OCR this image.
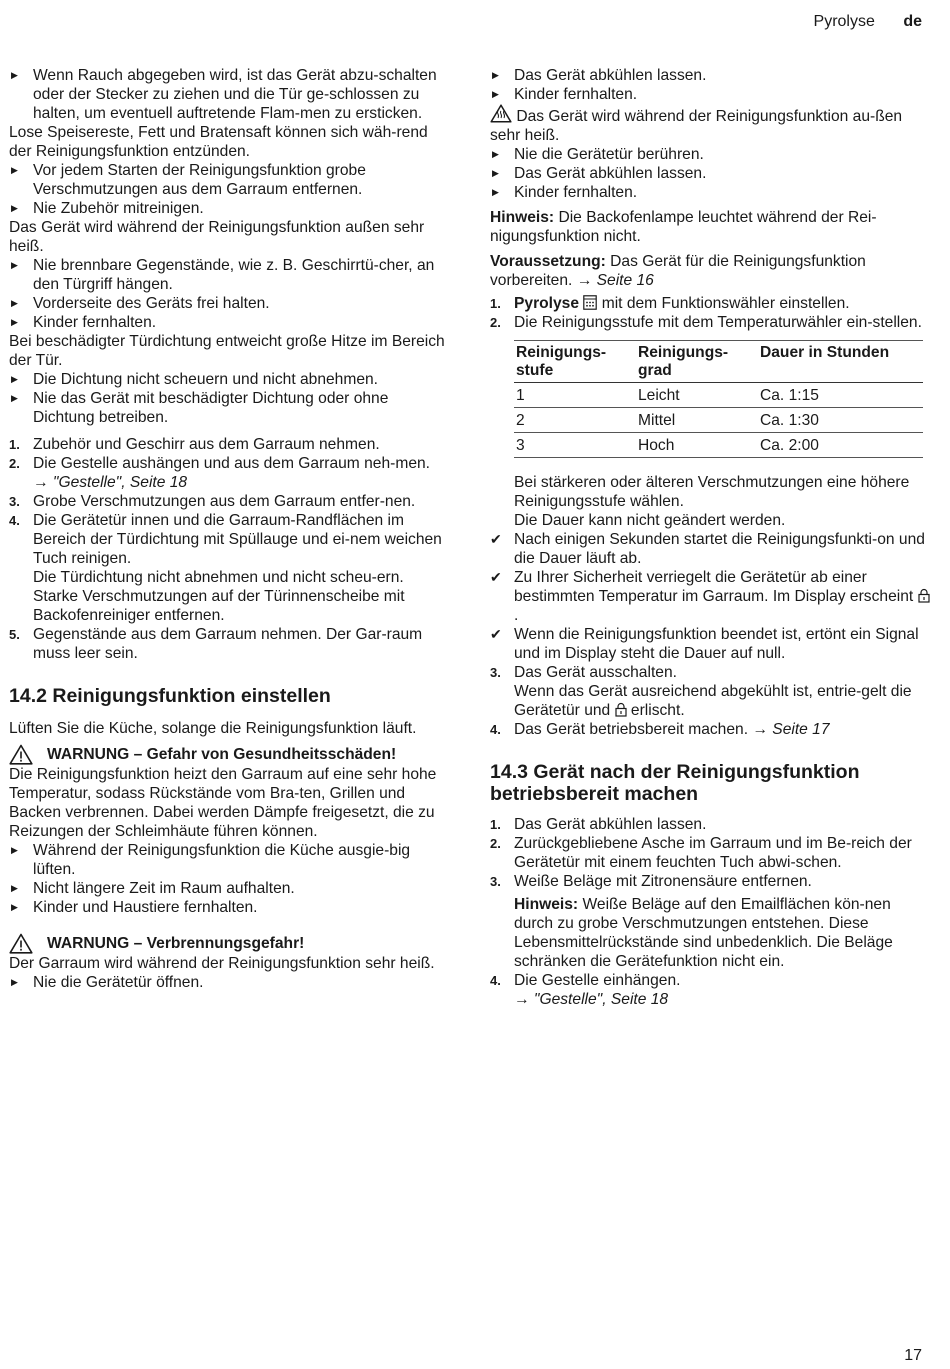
Pyrolyse de
▶ Wenn Rauch abgegeben wird, ist das Gerät abzu-schalten oder der Stecker zu ziehen und die Tür ge-schlossen zu halten, um eventuell auftretende Flam-men zu ersticken.

Lose Speisereste, Fett und Bratensaft können sich wäh-rend der Reinigungsfunktion entzünden.

▶ Vor jedem Starten der Reinigungsfunktion grobe Verschmutzungen aus dem Garraum entfernen.
▶ Nie Zubehör mitreinigen.

Das Gerät wird während der Reinigungsfunktion außen sehr heiß.

▶ Nie brennbare Gegenstände, wie z. B. Geschirrtü-cher, an den Türgriff hängen.
▶ Vorderseite des Geräts frei halten.
▶ Kinder fernhalten.

Bei beschädigter Türdichtung entweicht große Hitze im Bereich der Tür.

▶ Die Dichtung nicht scheuern und nicht abnehmen.
▶ Nie das Gerät mit beschädigter Dichtung oder ohne Dichtung betreiben.
1. Zubehör und Geschirr aus dem Garraum nehmen.
2. Die Gestelle aushängen und aus dem Garraum neh-men.
→ "Gestelle", Seite 18
3. Grobe Verschmutzungen aus dem Garraum entfer-nen.
4. Die Gerätetür innen und die Garraum-Randflächen im Bereich der Türdichtung mit Spüllauge und ei-nem weichen Tuch reinigen.
Die Türdichtung nicht abnehmen und nicht scheu-ern.
Starke Verschmutzungen auf der Türinnenscheibe mit Backofenreiniger entfernen.
5. Gegenstände aus dem Garraum nehmen. Der Gar-raum muss leer sein.

14.2 Reinigungsfunktion einstellen

Lüften Sie die Küche, solange die Reinigungsfunktion läuft.

WARNUNG – Gefahr von Gesundheitsschäden!

Die Reinigungsfunktion heizt den Garraum auf eine sehr hohe Temperatur, sodass Rückstände vom Bra-ten, Grillen und Backen verbrennen. Dabei werden Dämpfe freigesetzt, die zu Reizungen der Schleimhäute führen können.

▶ Während der Reinigungsfunktion die Küche ausgie-big lüften.
▶ Nicht längere Zeit im Raum aufhalten.
▶ Kinder und Haustiere fernhalten.
WARNUNG – Verbrennungsgefahr!

Der Garraum wird während der Reinigungsfunktion sehr heiß.

▶ Nie die Gerätetür öffnen.
▶ Das Gerät abkühlen lassen.
▶ Kinder fernhalten.

Das Gerät wird während der Reinigungsfunktion au-ßen sehr heiß.

▶ Nie die Gerätetür berühren.
▶ Das Gerät abkühlen lassen.
▶ Kinder fernhalten.

Hinweis: Die Backofenlampe leuchtet während der Rei-nigungsfunktion nicht.

Voraussetzung: Das Gerät für die Reinigungsfunktion vorbereiten. → Seite 16

1. Pyrolyse  mit dem Funktionswähler einstellen.
2. Die Reinigungsstufe mit dem Temperaturwähler ein-stellen.
Reinigungs-stufe	Reinigungs-grad	Dauer in Stunden
1	Leicht	Ca. 1:15
2	Mittel	Ca. 1:30
3	Hoch	Ca. 2:00
Bei stärkeren oder älteren Verschmutzungen eine höhere Reinigungsstufe wählen.
Die Dauer kann nicht geändert werden.
✔ Nach einigen Sekunden startet die Reinigungsfunkti-on und die Dauer läuft ab.
✔ Zu Ihrer Sicherheit verriegelt die Gerätetür ab einer bestimmten Temperatur im Garraum. Im Display erscheint .
✔ Wenn die Reinigungsfunktion beendet ist, ertönt ein Signal und im Display steht die Dauer auf null.
3. Das Gerät ausschalten.
Wenn das Gerät ausreichend abgekühlt ist, entrie-gelt die Gerätetür und erlischt.
4. Das Gerät betriebsbereit machen. → Seite 17

14.3 Gerät nach der Reinigungsfunktion betriebsbereit machen

1. Das Gerät abkühlen lassen.
2. Zurückgebliebene Asche im Garraum und im Be-reich der Gerätetür mit einem feuchten Tuch abwi-schen.
3. Weiße Beläge mit Zitronensäure entfernen.
Hinweis: Weiße Beläge auf den Emailflächen kön-nen durch zu grobe Verschmutzungen entstehen. Diese Lebensmittelrückstände sind unbedenklich. Die Beläge schränken die Gerätefunktion nicht ein.
4. Die Gestelle einhängen.
→ "Gestelle", Seite 18
17
